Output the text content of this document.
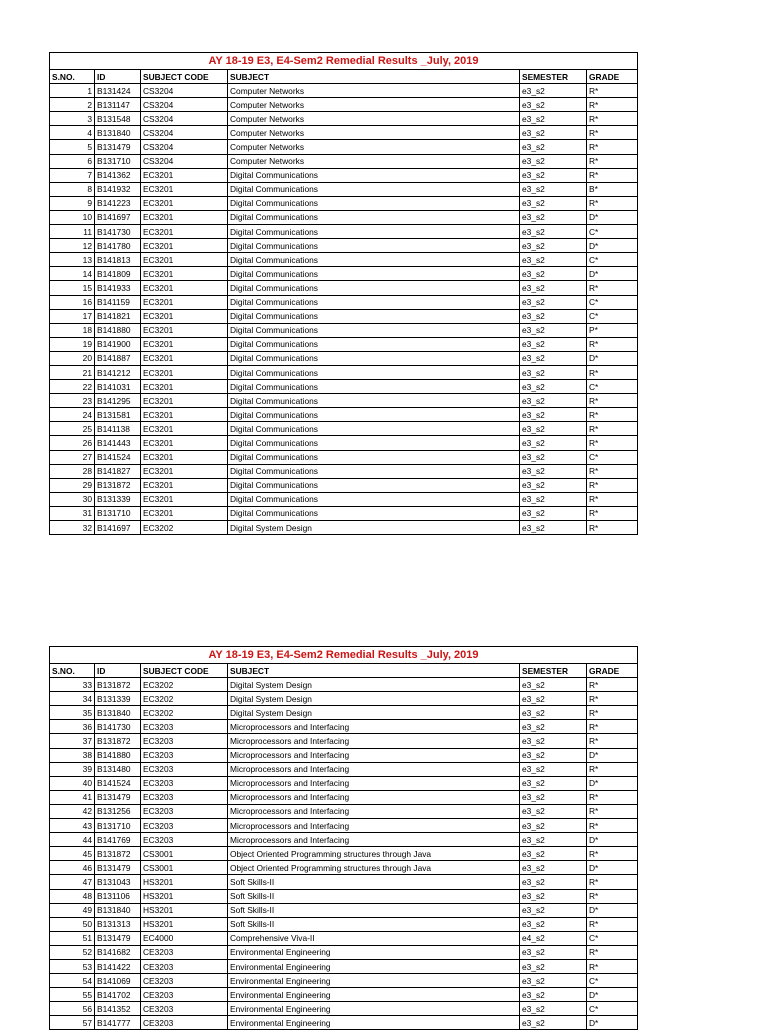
AY 18-19 E3, E4-Sem2 Remedial Results _July, 2019					
S.NO.	ID	SUBJECT CODE	SUBJECT	SEMESTER	GRADE
1	B131424	CS3204	Computer Networks	e3_s2	R*
2	B131147	CS3204	Computer Networks	e3_s2	R*
3	B131548	CS3204	Computer Networks	e3_s2	R*
4	B131840	CS3204	Computer Networks	e3_s2	R*
5	B131479	CS3204	Computer Networks	e3_s2	R*
6	B131710	CS3204	Computer Networks	e3_s2	R*
7	B141362	EC3201	Digital Communications	e3_s2	R*
8	B141932	EC3201	Digital Communications	e3_s2	B*
9	B141223	EC3201	Digital Communications	e3_s2	R*
10	B141697	EC3201	Digital Communications	e3_s2	D*
11	B141730	EC3201	Digital Communications	e3_s2	C*
12	B141780	EC3201	Digital Communications	e3_s2	D*
13	B141813	EC3201	Digital Communications	e3_s2	C*
14	B141809	EC3201	Digital Communications	e3_s2	D*
15	B141933	EC3201	Digital Communications	e3_s2	R*
16	B141159	EC3201	Digital Communications	e3_s2	C*
17	B141821	EC3201	Digital Communications	e3_s2	C*
18	B141880	EC3201	Digital Communications	e3_s2	P*
19	B141900	EC3201	Digital Communications	e3_s2	R*
20	B141887	EC3201	Digital Communications	e3_s2	D*
21	B141212	EC3201	Digital Communications	e3_s2	R*
22	B141031	EC3201	Digital Communications	e3_s2	C*
23	B141295	EC3201	Digital Communications	e3_s2	R*
24	B131581	EC3201	Digital Communications	e3_s2	R*
25	B141138	EC3201	Digital Communications	e3_s2	R*
26	B141443	EC3201	Digital Communications	e3_s2	R*
27	B141524	EC3201	Digital Communications	e3_s2	C*
28	B141827	EC3201	Digital Communications	e3_s2	R*
29	B131872	EC3201	Digital Communications	e3_s2	R*
30	B131339	EC3201	Digital Communications	e3_s2	R*
31	B131710	EC3201	Digital Communications	e3_s2	R*
32	B141697	EC3202	Digital System Design	e3_s2	R*
AY 18-19 E3, E4-Sem2 Remedial Results _July, 2019					
S.NO.	ID	SUBJECT CODE	SUBJECT	SEMESTER	GRADE
33	B131872	EC3202	Digital System Design	e3_s2	R*
34	B131339	EC3202	Digital System Design	e3_s2	R*
35	B131840	EC3202	Digital System Design	e3_s2	R*
36	B141730	EC3203	Microprocessors and Interfacing	e3_s2	R*
37	B131872	EC3203	Microprocessors and Interfacing	e3_s2	R*
38	B141880	EC3203	Microprocessors and Interfacing	e3_s2	D*
39	B131480	EC3203	Microprocessors and Interfacing	e3_s2	R*
40	B141524	EC3203	Microprocessors and Interfacing	e3_s2	D*
41	B131479	EC3203	Microprocessors and Interfacing	e3_s2	R*
42	B131256	EC3203	Microprocessors and Interfacing	e3_s2	R*
43	B131710	EC3203	Microprocessors and Interfacing	e3_s2	R*
44	B141769	EC3203	Microprocessors and Interfacing	e3_s2	D*
45	B131872	CS3001	Object Oriented Programming structures through Java	e3_s2	R*
46	B131479	CS3001	Object Oriented Programming structures through Java	e3_s2	D*
47	B131043	HS3201	Soft Skills-II	e3_s2	R*
48	B131106	HS3201	Soft Skills-II	e3_s2	R*
49	B131840	HS3201	Soft Skills-II	e3_s2	D*
50	B131313	HS3201	Soft Skills-II	e3_s2	R*
51	B131479	EC4000	Comprehensive Viva-II	e4_s2	C*
52	B141682	CE3203	Environmental Engineering	e3_s2	R*
53	B141422	CE3203	Environmental Engineering	e3_s2	R*
54	B141069	CE3203	Environmental Engineering	e3_s2	C*
55	B141702	CE3203	Environmental Engineering	e3_s2	D*
56	B141352	CE3203	Environmental Engineering	e3_s2	C*
57	B141777	CE3203	Environmental Engineering	e3_s2	D*
